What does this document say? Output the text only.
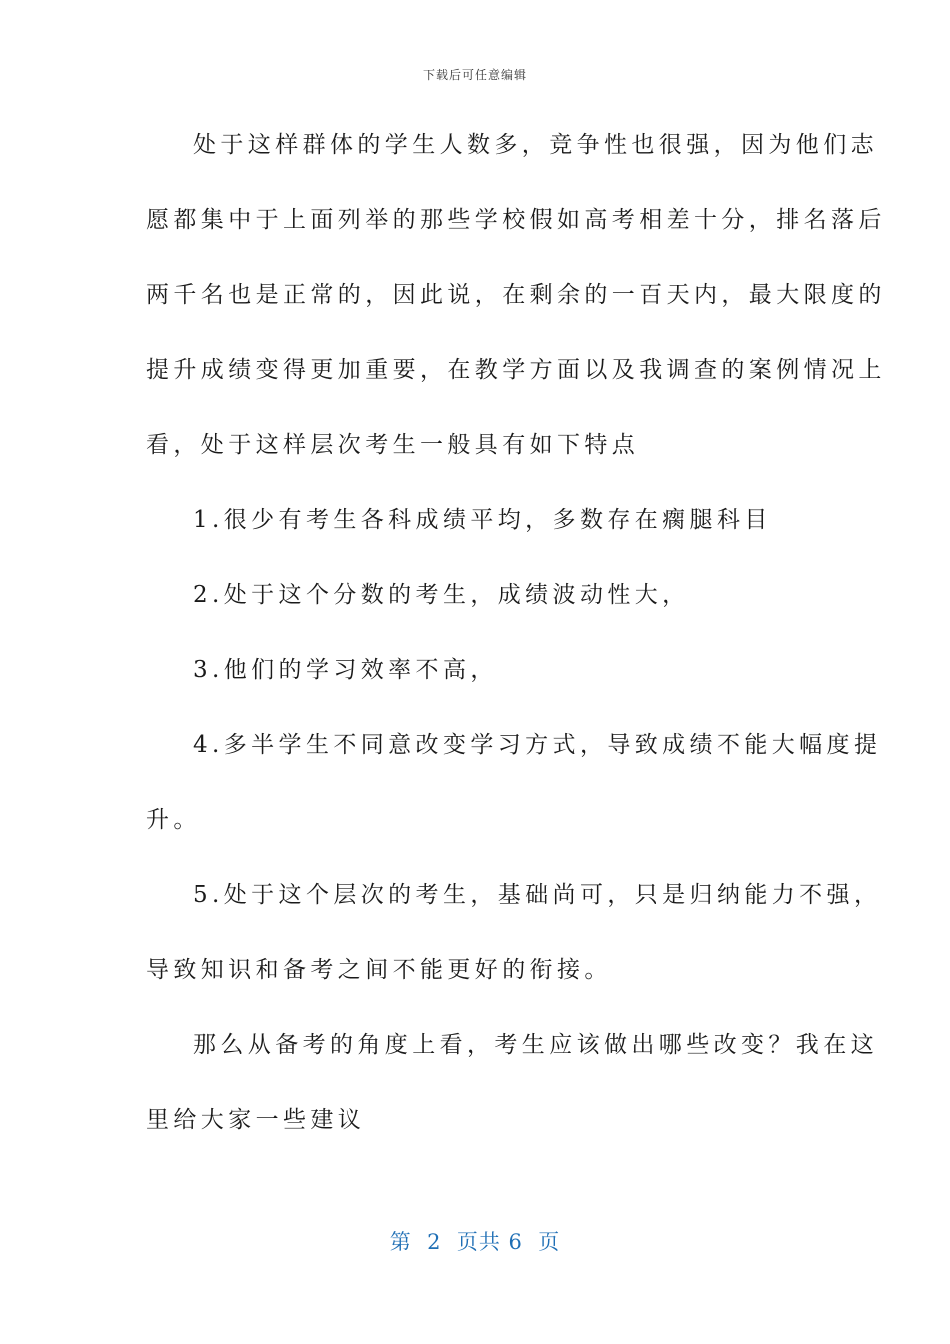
下载后可任意编辑
处于这样群体的学生人数多，竞争性也很强，因为他们志
愿都集中于上面列举的那些学校假如高考相差十分，排名落后
两千名也是正常的，因此说，在剩余的一百天内，最大限度的
提升成绩变得更加重要，在教学方面以及我调查的案例情况上
看，处于这样层次考生一般具有如下特点
1.很少有考生各科成绩平均，多数存在瘸腿科目
2.处于这个分数的考生，成绩波动性大，
3.他们的学习效率不高，
4.多半学生不同意改变学习方式，导致成绩不能大幅度提
升。
5.处于这个层次的考生，基础尚可，只是归纳能力不强，
导致知识和备考之间不能更好的衔接。
那么从备考的角度上看，考生应该做出哪些改变？我在这
里给大家一些建议
第  2  页共 6  页
